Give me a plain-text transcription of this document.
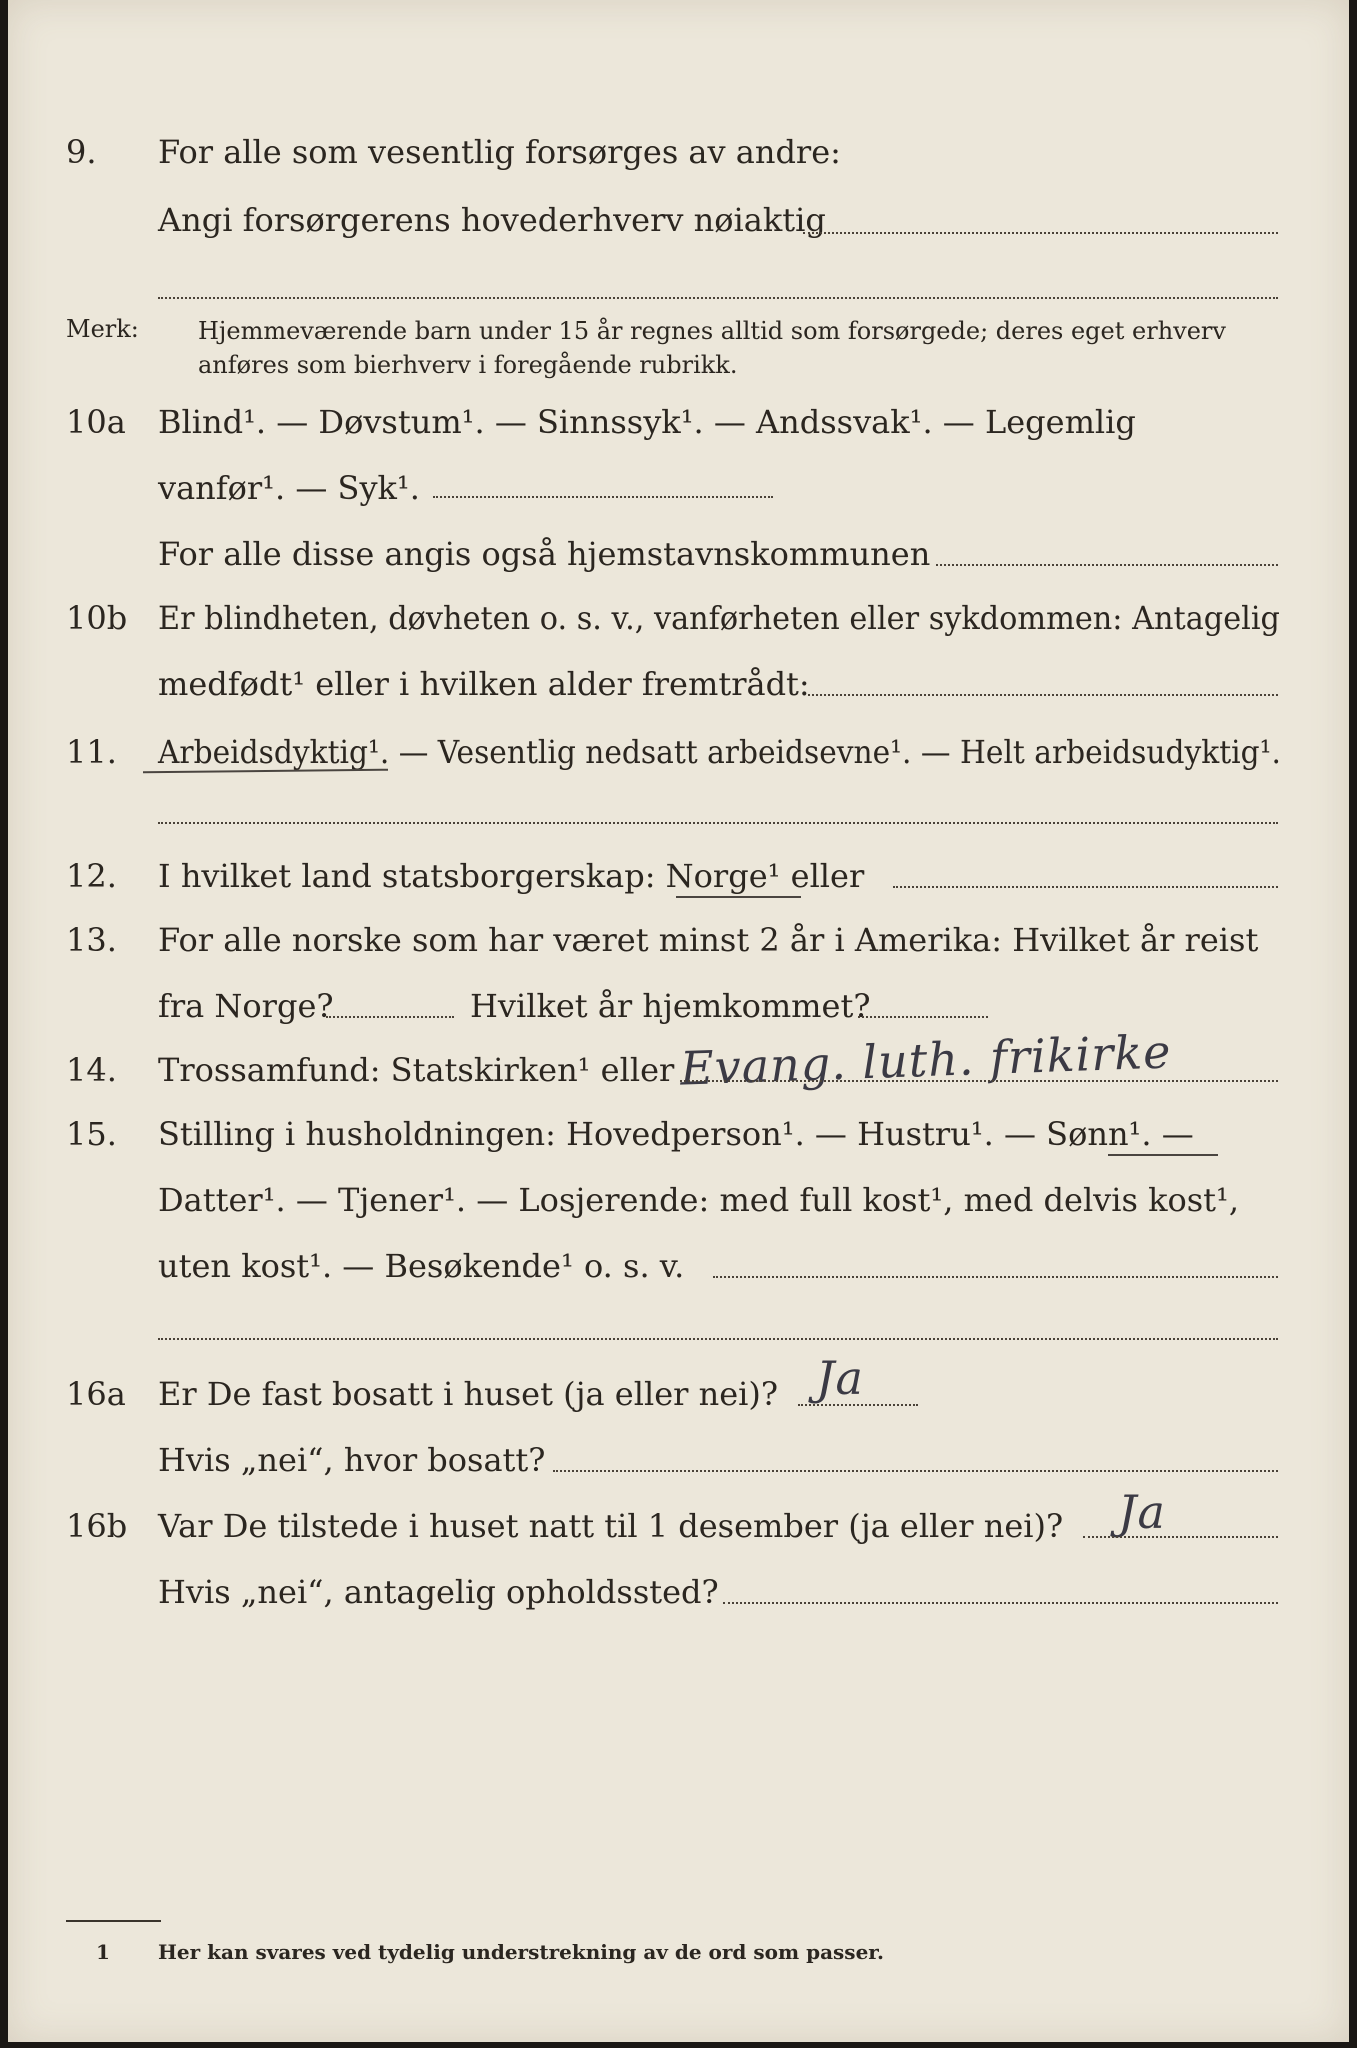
9. For alle som vesentlig forsørges av andre:
Angi forsørgerens hovederhverv nøiaktig
Merk: Hjemmeværende barn under 15 år regnes alltid som forsørgede; deres eget erhverv
anføres som bierhverv i foregående rubrikk.
10a Blind¹. — Døvstum¹. — Sinnssyk¹. — Andssvak¹. — Legemlig
vanfør¹. — Syk¹.
For alle disse angis også hjemstavnskommunen
10b Er blindheten, døvheten o. s. v., vanførheten eller sykdommen: Antagelig
medfødt¹ eller i hvilken alder fremtrådt:
11. Arbeidsdyktig¹. — Vesentlig nedsatt arbeidsevne¹. — Helt arbeidsudyktig¹.
12. I hvilket land statsborgerskap: Norge¹ eller
13. For alle norske som har været minst 2 år i Amerika: Hvilket år reist
fra Norge?	Hvilket år hjemkommet?
14. Trossamfund: Statskirken¹ eller Evang. luth. frikirke
15. Stilling i husholdningen: Hovedperson¹. — Hustru¹. — Sønn¹. —
Datter¹. — Tjener¹. — Losjerende: med full kost¹, med delvis kost¹,
uten kost¹. — Besøkende¹ o. s. v.
16a Er De fast bosatt i huset (ja eller nei)? Ja
Hvis „nei“, hvor bosatt?
16b Var De tilstede i huset natt til 1 desember (ja eller nei)? Ja
Hvis „nei“, antagelig opholdssted?
1 Her kan svares ved tydelig understrekning av de ord som passer.
